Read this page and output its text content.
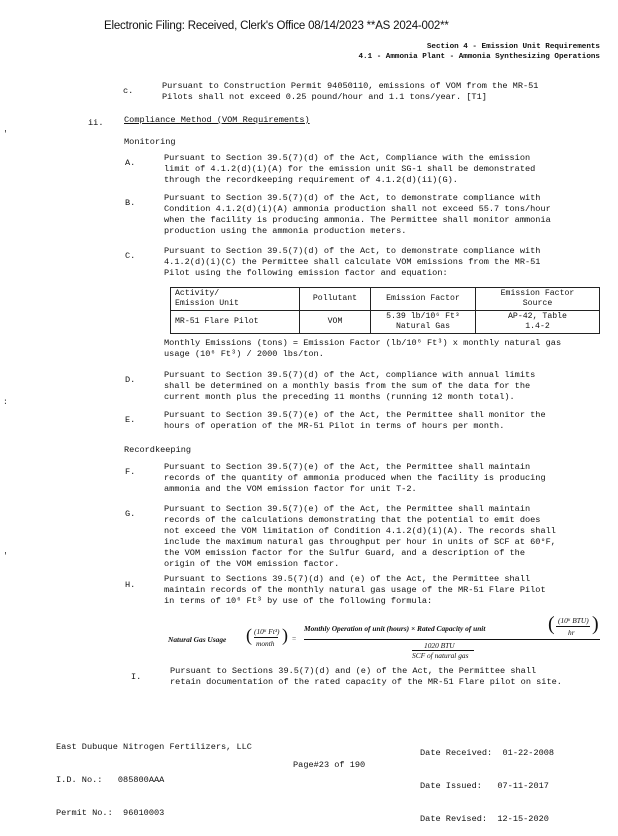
Electronic Filing: Received, Clerk's Office 08/14/2023 **AS 2024-002**
Section 4 - Emission Unit Requirements
4.1 - Ammonia Plant - Ammonia Synthesizing Operations
c.	Pursuant to Construction Permit 94050110, emissions of VOM from the MR-51
Pilots shall not exceed 0.25 pound/hour and 1.1 tons/year. [T1]
ii. Compliance Method (VOM Requirements)
Monitoring
A.	Pursuant to Section 39.5(7)(d) of the Act, Compliance with the emission
limit of 4.1.2(d)(i)(A) for the emission unit SG-1 shall be demonstrated
through the recordkeeping requirement of 4.1.2(d)(ii)(G).
B.	Pursuant to Section 39.5(7)(d) of the Act, to demonstrate compliance with
Condition 4.1.2(d)(i)(A) ammonia production shall not exceed 55.7 tons/hour
when the facility is producing ammonia. The Permittee shall monitor ammonia
production using the ammonia production meters.
C.	Pursuant to Section 39.5(7)(d) of the Act, to demonstrate compliance with
4.1.2(d)(i)(C) the Permittee shall calculate VOM emissions from the MR-51
Pilot using the following emission factor and equation:
Activity/
Emission Unit	Pollutant	Emission Factor	Emission Factor
Source
MR-51 Flare Pilot	VOM	5.39 lb/10⁶ Ft³
Natural Gas	AP-42, Table
1.4-2
Monthly Emissions (tons) = Emission Factor (lb/10⁶ Ft³) x monthly natural gas
usage (10⁶ Ft³) / 2000 lbs/ton.
D.	Pursuant to Section 39.5(7)(d) of the Act, compliance with annual limits
shall be determined on a monthly basis from the sum of the data for the
current month plus the preceding 11 months (running 12 month total).
E.	Pursuant to Section 39.5(7)(e) of the Act, the Permittee shall monitor the
hours of operation of the MR-51 Pilot in terms of hours per month.
Recordkeeping
F.	Pursuant to Section 39.5(7)(e) of the Act, the Permittee shall maintain
records of the quantity of ammonia produced when the facility is producing
ammonia and the VOM emission factor for unit T-2.
G.	Pursuant to Section 39.5(7)(e) of the Act, the Permittee shall maintain
records of the calculations demonstrating that the potential to emit does
not exceed the VOM limitation of Condition 4.1.2(d)(i)(A). The records shall
include the maximum natural gas throughput per hour in units of SCF at 60°F,
the VOM emission factor for the Sulfur Guard, and a description of the
origin of the VOM emission factor.
H.
Pursuant to Sections 39.5(7)(d) and (e) of the Act, the Permittee shall
maintain records of the monthly natural gas usage of the MR-51 Flare Pilot
in terms of 10⁶ Ft³ by use of the following formula:
Natural Gas Usage ( (10⁶ Ft³)
month ) =
Monthly Operation of unit (hours) × Rated Capacity of unit	( (10⁶ BTU)
hr )
1020 BTU
SCF of natural gas
I.
Pursuant to Sections 39.5(7)(d) and (e) of the Act, the Permittee shall
retain documentation of the rated capacity of the MR-51 Flare pilot on site.
'
:
'

East Dubuque Nitrogen Fertilizers, LLC

I.D. No.:   085800AAA

Permit No.:  96010003

Date Received:  01-22-2008

Date Issued:   07-11-2017

Date Revised:  12-15-2020

Page#23 of 190
